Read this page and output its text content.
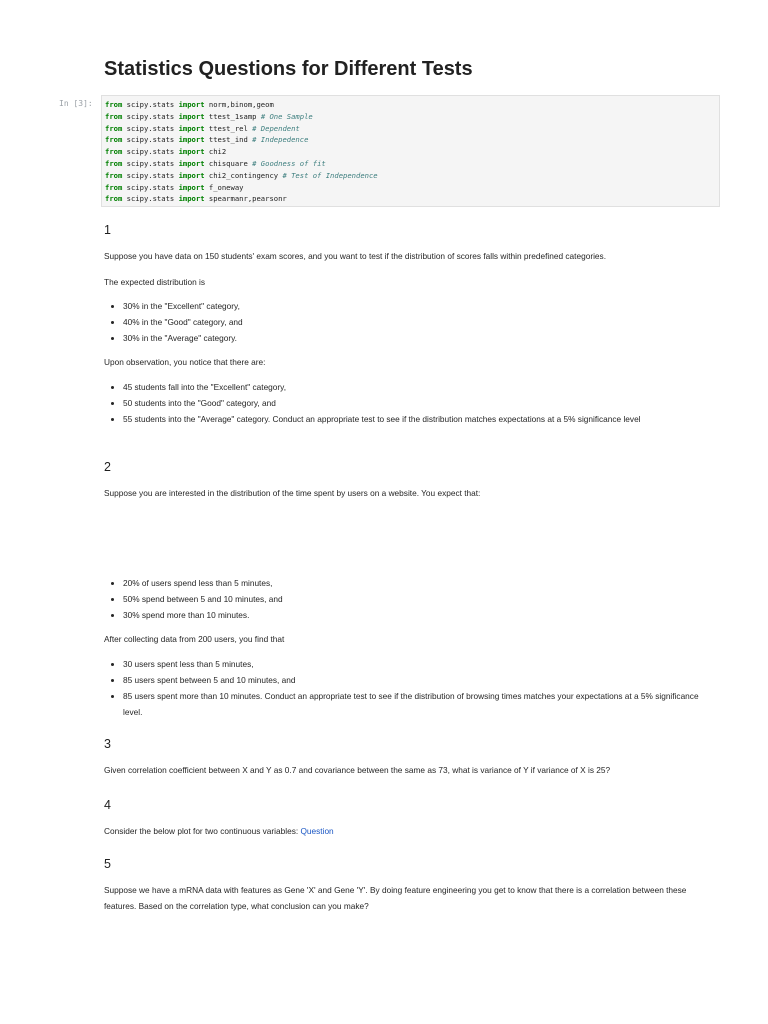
Statistics Questions for Different Tests
In [3]: from scipy.stats import norm,binom,geom
from scipy.stats import ttest_1samp # One Sample
from scipy.stats import ttest_rel # Dependent
from scipy.stats import ttest_ind # Indepedence
from scipy.stats import chi2
from scipy.stats import chisquare # Goodness of fit
from scipy.stats import chi2_contingency # Test of Independence
from scipy.stats import f_oneway
from scipy.stats import spearmanr,pearsonr
1

Suppose you have data on 150 students' exam scores, and you want to test if the distribution of scores falls within predefined categories.

The expected distribution is

• 30% in the "Excellent" category,
• 40% in the "Good" category, and
• 30% in the "Average" category.

Upon observation, you notice that there are:

• 45 students fall into the "Excellent" category,
• 50 students into the "Good" category, and
• 55 students into the "Average" category. Conduct an appropriate test to see if the distribution matches expectations at a 5% significance level
2

Suppose you are interested in the distribution of the time spent by users on a website. You expect that:

• 20% of users spend less than 5 minutes,
• 50% spend between 5 and 10 minutes, and
• 30% spend more than 10 minutes.

After collecting data from 200 users, you find that

• 30 users spent less than 5 minutes,
• 85 users spent between 5 and 10 minutes, and
• 85 users spent more than 10 minutes. Conduct an appropriate test to see if the distribution of browsing times matches your expectations at a 5% significance level.
3

Given correlation coefficient between X and Y as 0.7 and covariance between the same as 73, what is variance of Y if variance of X is 25?

4

Consider the below plot for two continuous variables: Question

5

Suppose we have a mRNA data with features as Gene 'X' and Gene 'Y'. By doing feature engineering you get to know that there is a correlation between these features. Based on the correlation type, what conclusion can you make?
